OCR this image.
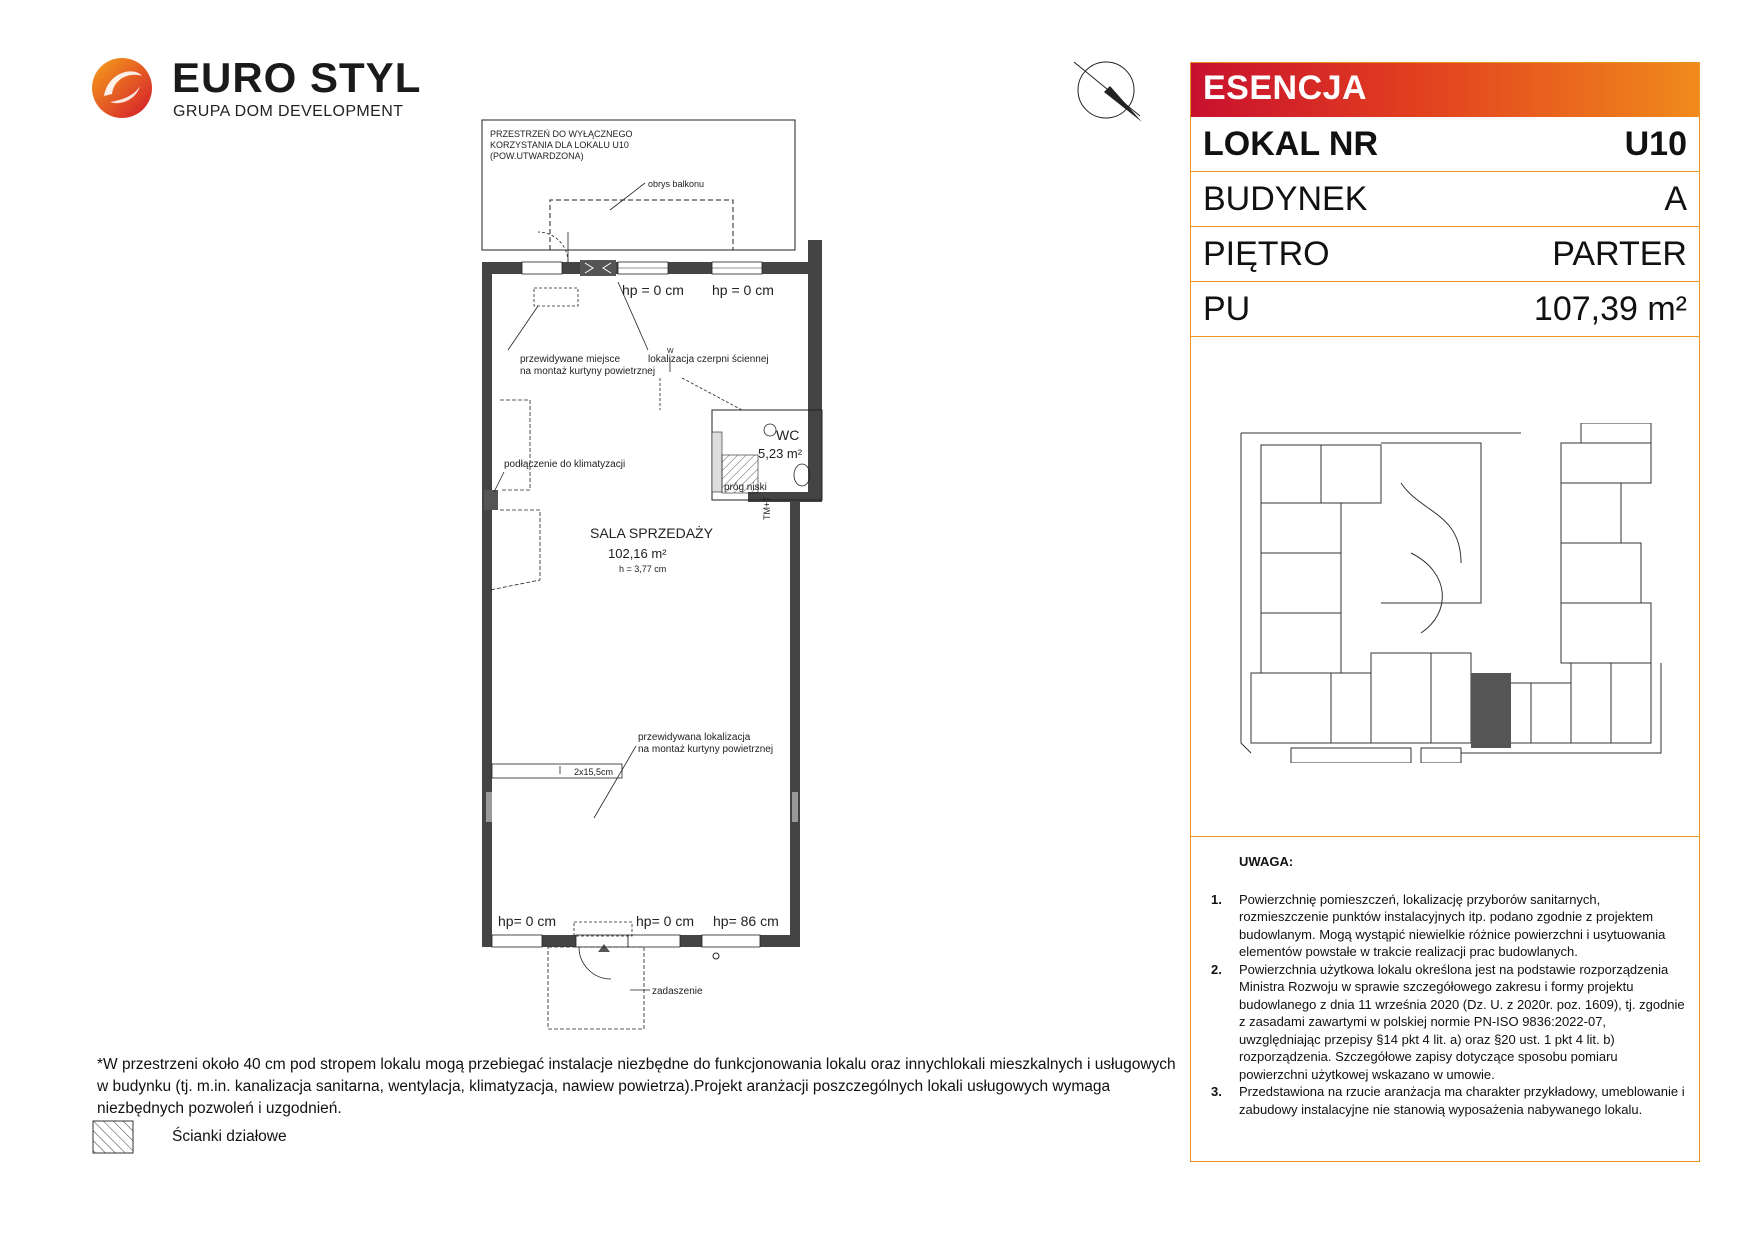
EURO STYL
GRUPA DOM DEVELOPMENT
PRZESTRZEŃ DO WYŁĄCZNEGO
KORZYSTANIA DLA LOKALU U10
(POW.UTWARDZONA)
obrys balkonu
hp = 0 cm hp = 0 cm
przewidywane miejsce
na montaż kurtyny powietrznej
lokalizacja czerpni ściennej
WC
5,23 m²
próg niski
W
podłączenie do klimatyzacji
SALA SPRZEDAŻY
102,16 m²
h = 3,77 cm
TM+T
przewidywana lokalizacja
na montaż kurtyny powietrznej
2x15,5cm
hp= 0 cm	hp= 0 cm hp= 86 cm
zadaszenie
ESENCJA
LOKAL NR	U10
BUDYNEK	A
PIĘTRO	PARTER
PU	107,39 m²
UWAGA:
1. Powierzchnię pomieszczeń, lokalizację przyborów sanitarnych, rozmieszczenie punktów instalacyjnych itp. podano zgodnie z projektem budowlanym. Mogą wystąpić niewielkie różnice powierzchni i usytuowania elementów powstałe w trakcie realizacji prac budowlanych.
2. Powierzchnia użytkowa lokalu określona jest na podstawie rozporządzenia Ministra Rozwoju w sprawie szczegółowego zakresu i formy projektu budowlanego z dnia 11 września 2020 (Dz. U. z 2020r. poz. 1609), tj. zgodnie z zasadami zawartymi w polskiej normie PN-ISO 9836:2022-07, uwzględniając przepisy §14 pkt 4 lit. a) oraz §20 ust. 1 pkt 4 lit. b) rozporządzenia. Szczegółowe zapisy dotyczące sposobu pomiaru powierzchni użytkowej wskazano w umowie.
3. Przedstawiona na rzucie aranżacja ma charakter przykładowy, umeblowanie i zabudowy instalacyjne nie stanowią wyposażenia nabywanego lokalu.
*W przestrzeni około 40 cm pod stropem lokalu mogą przebiegać instalacje niezbędne do funkcjonowania lokalu oraz innychlokali mieszkalnych i usługowych w budynku (tj. m.in. kanalizacja sanitarna, wentylacja, klimatyzacja, nawiew powietrza).Projekt aranżacji poszczególnych lokali usługowych wymaga niezbędnych pozwoleń i uzgodnień.
Ścianki działowe
